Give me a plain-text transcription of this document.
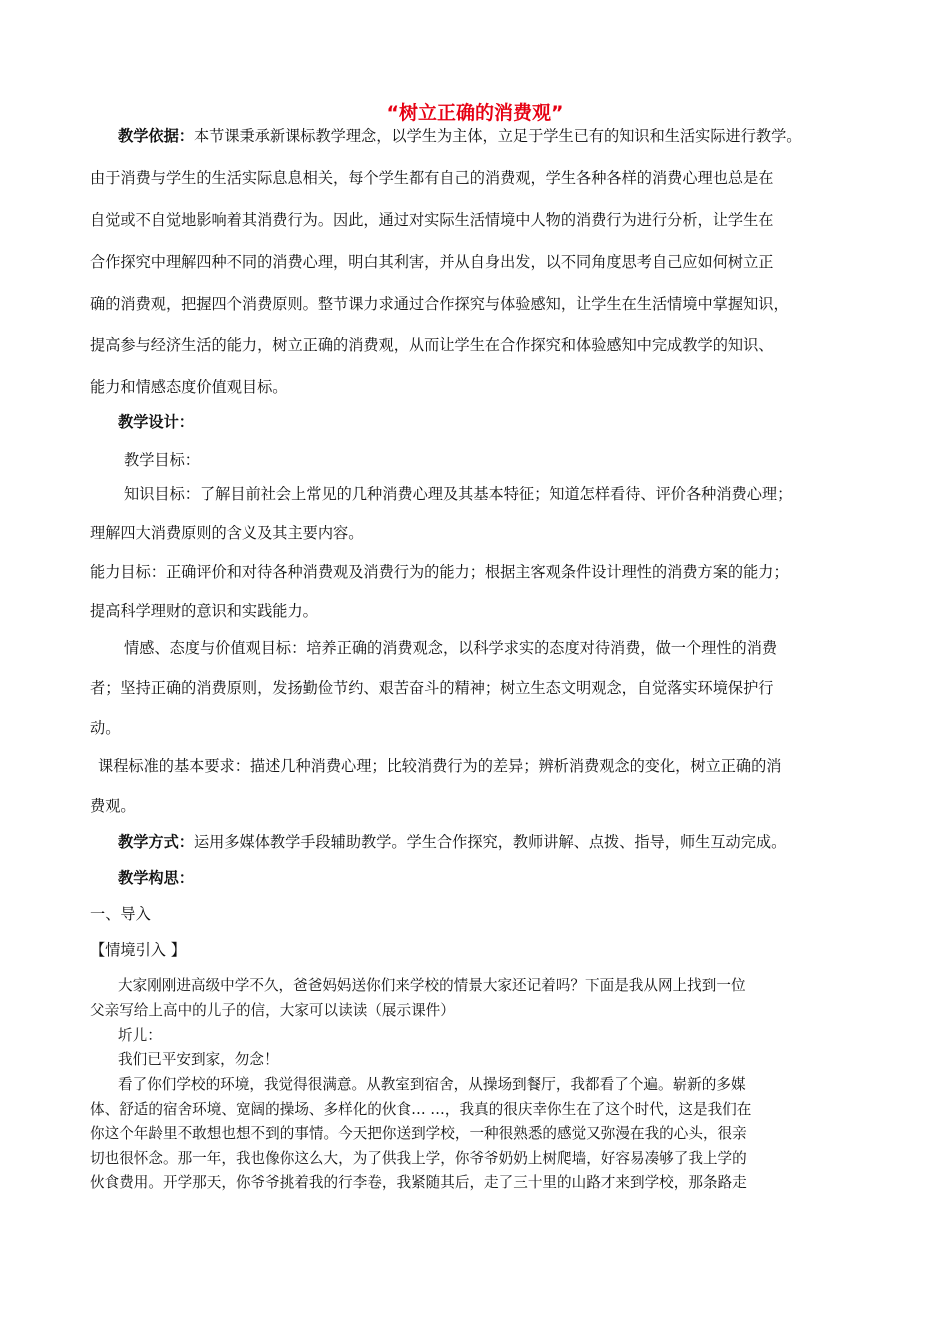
“树立正确的消费观”
教学依据：本节课秉承新课标教学理念，以学生为主体，立足于学生已有的知识和生活实际进行教学。
由于消费与学生的生活实际息息相关，每个学生都有自己的消费观，学生各种各样的消费心理也总是在
自觉或不自觉地影响着其消费行为。因此，通过对实际生活情境中人物的消费行为进行分析，让学生在
合作探究中理解四种不同的消费心理，明白其利害，并从自身出发，以不同角度思考自己应如何树立正
确的消费观，把握四个消费原则。整节课力求通过合作探究与体验感知，让学生在生活情境中掌握知识，
提高参与经济生活的能力，树立正确的消费观，从而让学生在合作探究和体验感知中完成教学的知识、
能力和情感态度价值观目标。
教学设计：
教学目标：
知识目标：了解目前社会上常见的几种消费心理及其基本特征；知道怎样看待、评价各种消费心理；
理解四大消费原则的含义及其主要内容。
能力目标：正确评价和对待各种消费观及消费行为的能力；根据主客观条件设计理性的消费方案的能力；
提高科学理财的意识和实践能力。
情感、态度与价值观目标：培养正确的消费观念，以科学求实的态度对待消费，做一个理性的消费
者；坚持正确的消费原则，发扬勤俭节约、艰苦奋斗的精神；树立生态文明观念，自觉落实环境保护行
动。
课程标准的基本要求：描述几种消费心理；比较消费行为的差异；辨析消费观念的变化，树立正确的消
费观。
教学方式：运用多媒体教学手段辅助教学。学生合作探究，教师讲解、点拨、指导，师生互动完成。
教学构思：
一、导入
【情境引入 】
大家刚刚进高级中学不久，爸爸妈妈送你们来学校的情景大家还记着吗？下面是我从网上找到一位
父亲写给上高中的儿子的信，大家可以读读（展示课件）
圻儿：
我们已平安到家，勿念！
看了你们学校的环境，我觉得很满意。从教室到宿舍，从操场到餐厅，我都看了个遍。崭新的多媒
体、舒适的宿舍环境、宽阔的操场、多样化的伙食… …，我真的很庆幸你生在了这个时代，这是我们在
你这个年龄里不敢想也想不到的事情。今天把你送到学校，一种很熟悉的感觉又弥漫在我的心头，很亲
切也很怀念。那一年，我也像你这么大，为了供我上学，你爷爷奶奶上树爬墙，好容易凑够了我上学的
伙食费用。开学那天，你爷爷挑着我的行李卷，我紧随其后，走了三十里的山路才来到学校，那条路走
